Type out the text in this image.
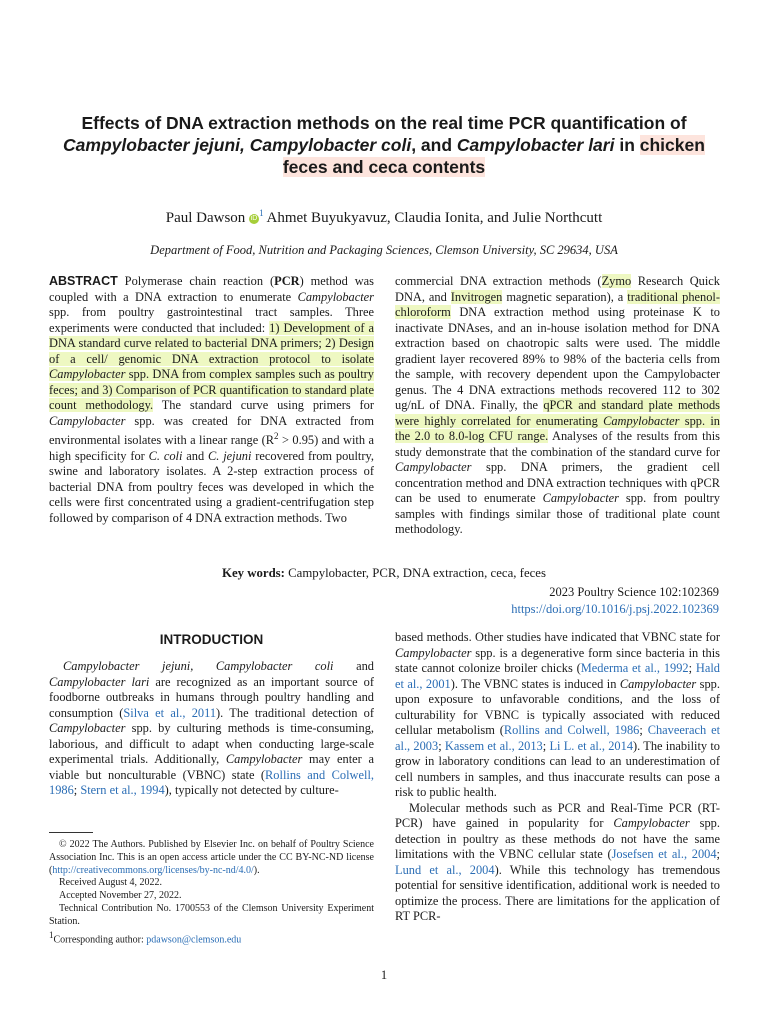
Effects of DNA extraction methods on the real time PCR quantification of
Campylobacter jejuni, Campylobacter coli, and Campylobacter lari in chicken
feces and ceca contents
Paul Dawson $iD^1$ Ahmet Buyukyavuz, Claudia Ionita, and Julie Northcutt
Department of Food, Nutrition and Packaging Sciences, Clemson University, SC 29634, USA
ABSTRACT Polymerase chain reaction (PCR) method was coupled with a DNA extraction to enumerate Campylobacter spp. from poultry gastrointestinal tract samples. Three experiments were conducted that included: 1) Development of a DNA standard curve related to bacterial DNA primers; 2) Design of a cell/ genomic DNA extraction protocol to isolate Campylobacter spp. DNA from complex samples such as poultry feces; and 3) Comparison of PCR quantification to standard plate count methodology. The standard curve using primers for Campylobacter spp. was created for DNA extracted from environmental isolates with a linear range $(R^2 > 0.95)$ and with a high specificity for C. coli and C. jejuni recovered from poultry, swine and laboratory isolates. A 2-step extraction process of bacterial DNA from poultry feces was developed in which the cells were first concentrated using a gradient-centrifugation step followed by comparison of 4 DNA extraction methods. Two
commercial DNA extraction methods (Zymo Research Quick DNA, and Invitrogen magnetic separation), a traditional phenol-chloroform DNA extraction method using proteinase K to inactivate DNAses, and an in-house isolation method for DNA extraction based on chaotropic salts were used. The middle gradient layer recovered 89% to 98% of the bacteria cells from the sample, with recovery dependent upon the Campylobacter genus. The 4 DNA extractions methods recovered 112 to 302 ug/nL of DNA. Finally, the qPCR and standard plate methods were highly correlated for enumerating Campylobacter spp. in the 2.0 to 8.0-log CFU range. Analyses of the results from this study demonstrate that the combination of the standard curve for Campylobacter spp. DNA primers, the gradient cell concentration method and DNA extraction techniques with qPCR can be used to enumerate Campylobacter spp. from poultry samples with findings similar those of traditional plate count methodology.
Key words: Campylobacter, PCR, DNA extraction, ceca, feces
2023 Poultry Science 102:102369
https://doi.org/10.1016/j.psj.2022.102369
INTRODUCTION

Campylobacter jejuni, Campylobacter coli and Campylobacter lari are recognized as an important source of foodborne outbreaks in humans through poultry handling and consumption (Silva et al., 2011). The traditional detection of Campylobacter spp. by culturing methods is time-consuming, laborious, and difficult to adapt when conducting large-scale experimental trials. Additionally, Campylobacter may enter a viable but nonculturable (VBNC) state (Rollins and Colwell, 1986; Stern et al., 1994), typically not detected by culture-

based methods. Other studies have indicated that VBNC state for Campylobacter spp. is a degenerative form since bacteria in this state cannot colonize broiler chicks (Mederma et al., 1992; Hald et al., 2001). The VBNC states is induced in Campylobacter spp. upon exposure to unfavorable conditions, and the loss of culturability for VBNC is typically associated with reduced cellular metabolism (Rollins and Colwell, 1986; Chaveerach et al., 2003; Kassem et al., 2013; Li L. et al., 2014). The inability to grow in laboratory conditions can lead to an underestimation of cell numbers in samples, and thus inaccurate results can pose a risk to public health.

Molecular methods such as PCR and Real-Time PCR (RT-PCR) have gained in popularity for Campylobacter spp. detection in poultry as these methods do not have the same limitations with the VBNC cellular state (Josefsen et al., 2004; Lund et al., 2004). While this technology has tremendous potential for sensitive identification, additional work is needed to optimize the process. There are limitations for the application of RT PCR-

© 2022 The Authors. Published by Elsevier Inc. on behalf of Poultry Science Association Inc. This is an open access article under the CC BY-NC-ND license (http://creativecommons.org/licenses/by-nc-nd/4.0/).

Received August 4, 2022.

Accepted November 27, 2022.

Technical Contribution No. 1700553 of the Clemson University Experiment Station.

$^1$Corresponding author: pdawson@clemson.edu

1
